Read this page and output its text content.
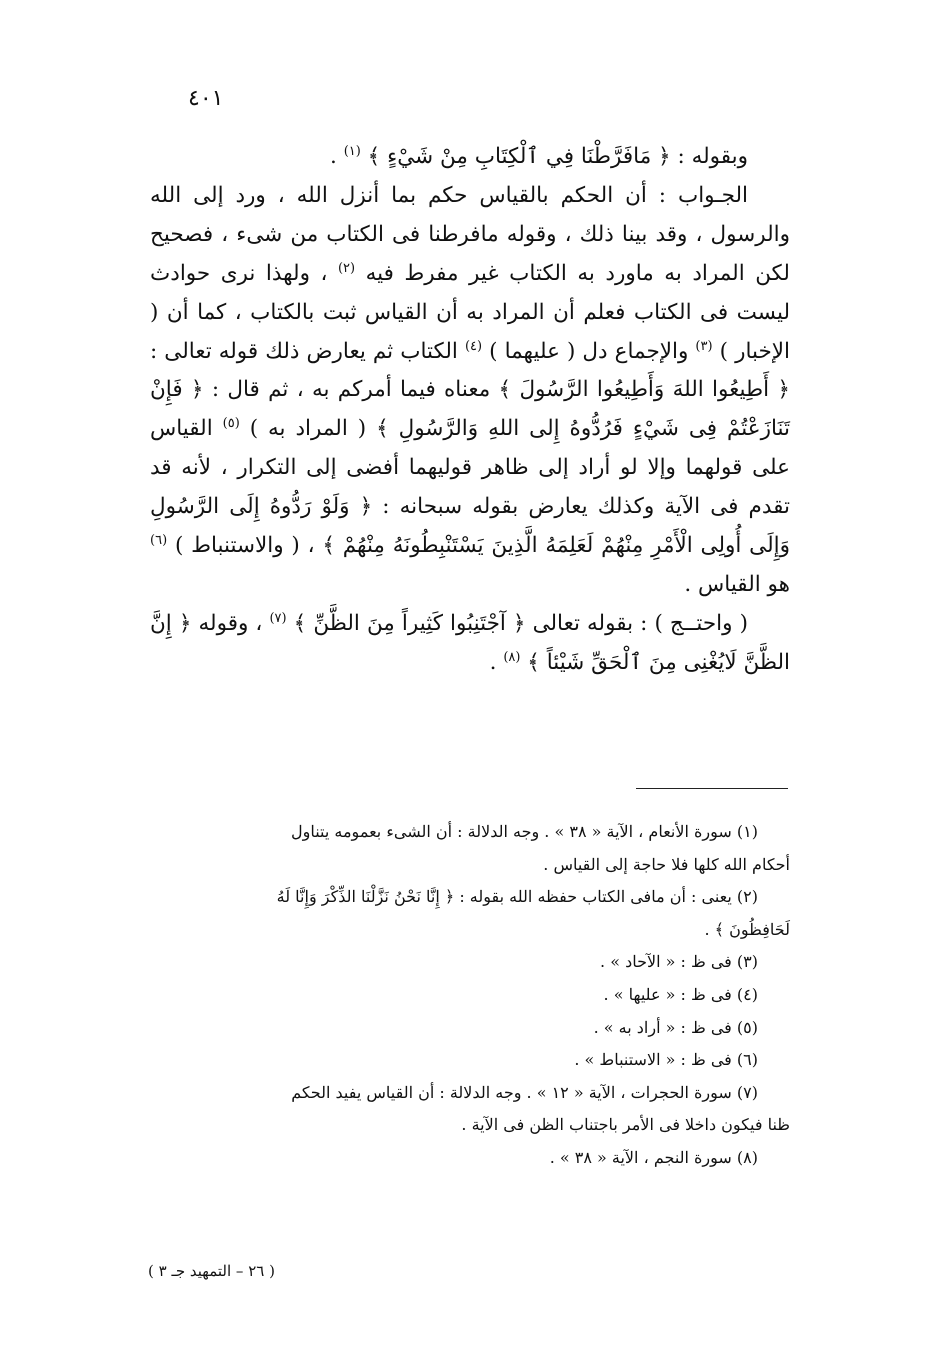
٤٠١

وبقوله : ﴿ مَافَرَّطْنَا فِي ٱلْكِتَابِ مِنْ شَيْءٍ ﴾ $^{(١)}$ .

الجـواب : أن الحكم بالقياس حكم بما أنزل الله ، ورد إلى الله والرسول ، وقد بينا ذلك ، وقوله مافرطنا فى الكتاب من شىء ، فصحيح لكن المراد به ماورد به الكتاب غير مفرط فيه $^{(٢)}$ ، ولهذا نرى حوادث ليست فى الكتاب فعلم أن المراد به أن القياس ثبت بالكتاب ، كما أن ( الإخبار ) $^{(٣)}$ والإجماع دل ( عليهما ) $^{(٤)}$ الكتاب ثم يعارض ذلك قوله تعالى : ﴿ أَطِيعُوا اللهَ وَأَطِيعُوا الرَّسُولَ ﴾ معناه فيما أمركم به ، ثم قال : ﴿ فَإِنْ تَنَازَعْتُمْ فِى شَيْءٍ فَرُدُّوهُ إِلى اللهِ وَالرَّسُولِ ﴾ ( المراد به ) $^{(٥)}$ القياس على قولهما وإلا لو أراد إلى ظاهر قوليهما أفضى إلى التكرار ، لأنه قد تقدم فى الآية وكذلك يعارض بقوله سبحانه : ﴿ وَلَوْ رَدُّوهُ إِلَى الرَّسُولِ وَإِلَى أُولِى الْأَمْرِ مِنْهُمْ لَعَلِمَهُ الَّذِينَ يَسْتَنْبِطُونَهُ مِنْهُمْ ﴾ ، ( والاستنباط ) $^{(٦)}$ هو القياس .

( واحتــج ) : بقوله تعالى ﴿ آجْتَنِبُوا كَثِيراً مِنَ الظَّنِّ ﴾ $^{(٧)}$ ، وقوله ﴿ إِنَّ الظَّنَّ لَايُغْنِى مِنَ ٱلْحَقِّ شَيْئاً ﴾ $^{(٨)}$ .

(١) سورة الأنعام ، الآية « ٣٨ » . وجه الدلالة : أن الشىء بعمومه يتناول

أحكام الله كلها فلا حاجة إلى القياس .

(٢) يعنى : أن مافى الكتاب حفظه الله بقوله : ﴿ إِنَّا نَحْنُ نَزَّلْنَا الذِّكْرَ وَإِنَّا لَهُ

لَحَافِظُونَ ﴾ .

(٣) فى ظ : « الآحاد » .

(٤) فى ظ : « عليها » .

(٥) فى ظ : « أراد به » .

(٦) فى ظ : « الاستنباط » .

(٧) سورة الحجرات ، الآية « ١٢ » . وجه الدلالة : أن القياس يفيد الحكم

ظنا فيكون داخلا فى الأمر باجتناب الظن فى الآية .

(٨) سورة النجم ، الآية « ٣٨ » .

( ٢٦ – التمهيد جـ ٣ )
